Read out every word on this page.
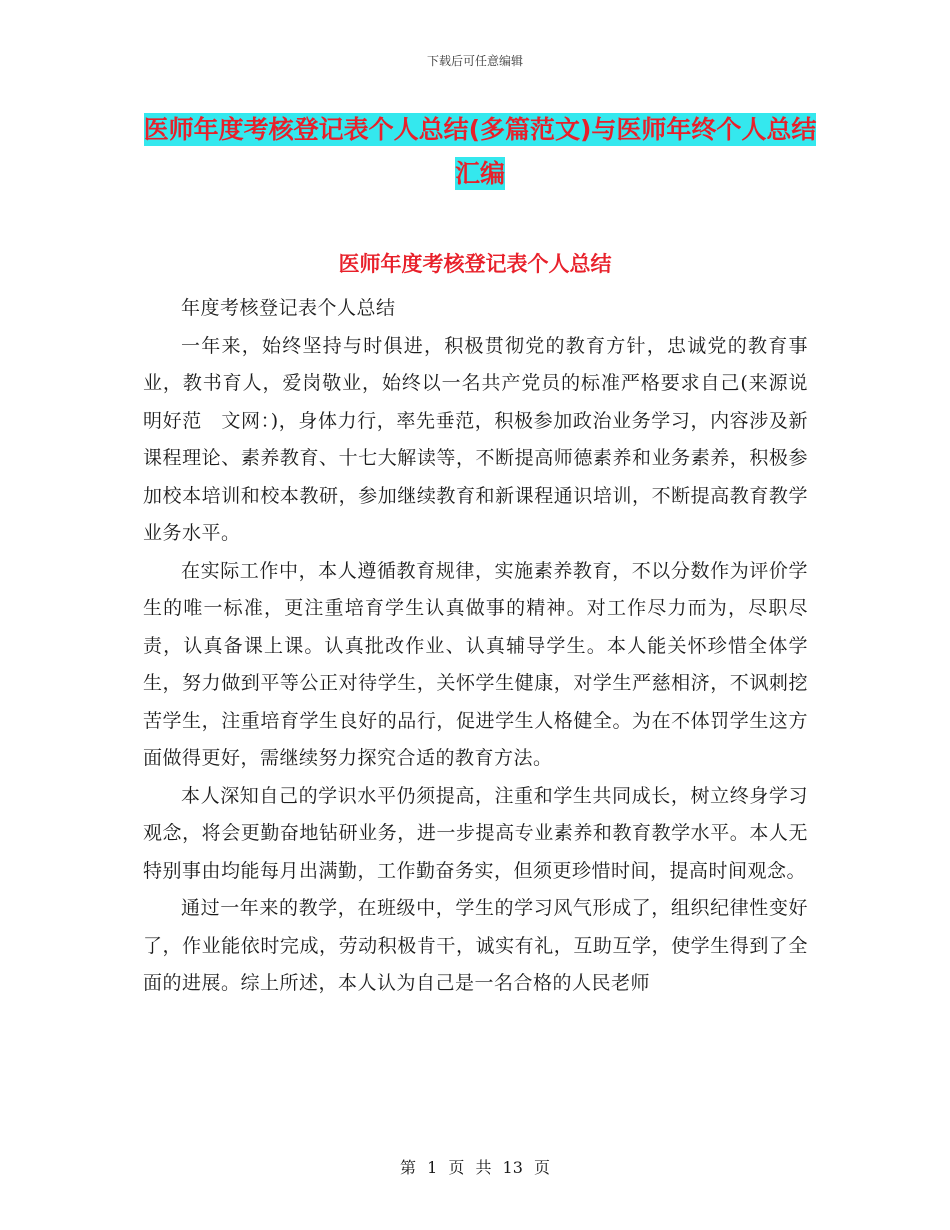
下载后可任意编辑
医师年度考核登记表个人总结(多篇范文)与医师年终个人总结汇编
医师年度考核登记表个人总结

年度考核登记表个人总结

一年来，始终坚持与时俱进，积极贯彻党的教育方针，忠诚党的教育事业，教书育人，爱岗敬业，始终以一名共产党员的标准严格要求自己(来源说明好范　文网：)，身体力行，率先垂范，积极参加政治业务学习，内容涉及新课程理论、素养教育、十七大解读等，不断提高师德素养和业务素养，积极参加校本培训和校本教研，参加继续教育和新课程通识培训，不断提高教育教学业务水平。

在实际工作中，本人遵循教育规律，实施素养教育，不以分数作为评价学生的唯一标准，更注重培育学生认真做事的精神。对工作尽力而为，尽职尽责，认真备课上课。认真批改作业、认真辅导学生。本人能关怀珍惜全体学生，努力做到平等公正对待学生，关怀学生健康，对学生严慈相济，不讽刺挖苦学生，注重培育学生良好的品行，促进学生人格健全。为在不体罚学生这方面做得更好，需继续努力探究合适的教育方法。

本人深知自己的学识水平仍须提高，注重和学生共同成长，树立终身学习观念，将会更勤奋地钻研业务，进一步提高专业素养和教育教学水平。本人无特别事由均能每月出满勤，工作勤奋务实，但须更珍惜时间，提高时间观念。

通过一年来的教学，在班级中，学生的学习风气形成了，组织纪律性变好了，作业能依时完成，劳动积极肯干，诚实有礼，互助互学，使学生得到了全面的进展。综上所述，本人认为自己是一名合格的人民老师

第 1 页 共 13 页
